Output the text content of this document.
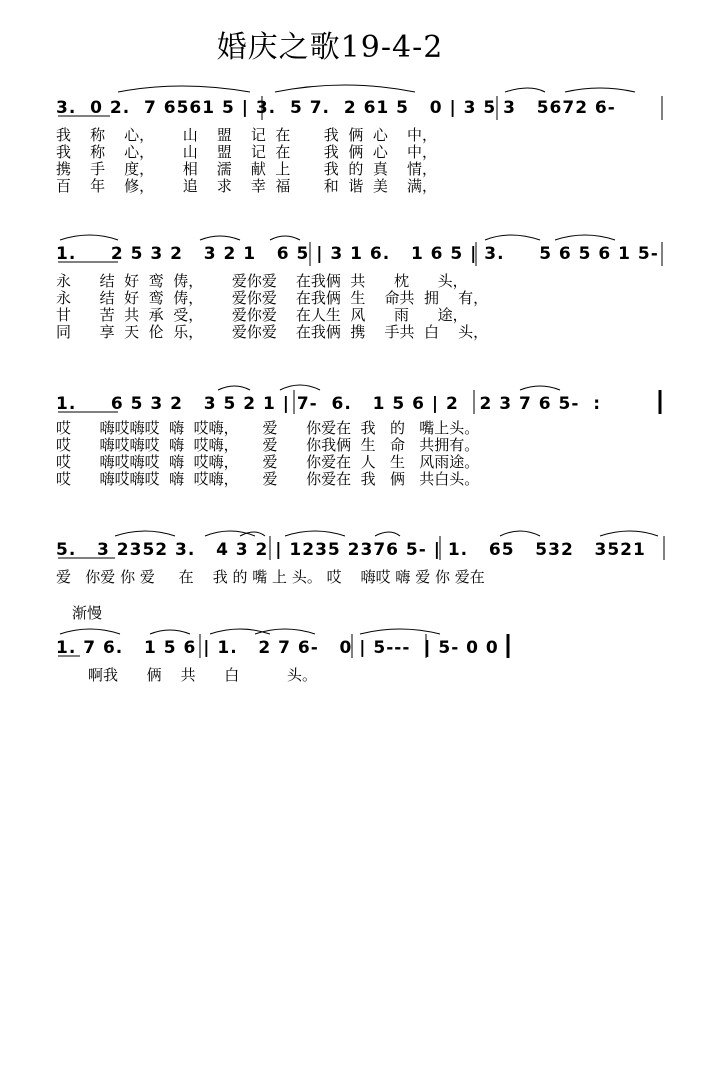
婚庆之歌19-4-2
3.  0 2.  7 6561 5 | 3.  5 7.  2 61 5   0 | 3 5 3   5672 6-
我    称    心，      山    盟    记  在       我  俩  心    中，
我    称    心，      山    盟    记  在       我  俩  心    中，
携    手    度，      相    濡    献  上       我  的  真    情，
百    年    修，      追    求    幸  福       和  谐  美    满，
1.     2 5 3 2   3 2 1   6 5 | 3 1 6.   1 6 5 | 3.     5 6 5 6 1 5-
永      结  好  鸾  俦，      爱你爱    在我俩  共      枕      头，
永      结  好  鸾  俦，      爱你爱    在我俩  生    命共  拥    有，
甘      苦  共  承  受，      爱你爱    在人生  风      雨      途，
同      享  天  伦  乐，      爱你爱    在我俩  携    手共  白    头，
1.     6 5 3 2   3 5 2 1 | 7-  6.   1 5 6 | 2   2 3 7 6 5-  :
哎      嗨哎嗨哎  嗨  哎嗨，     爱      你爱在  我   的   嘴上头。
哎      嗨哎嗨哎  嗨  哎嗨，     爱      你我俩  生   命   共拥有。
哎      嗨哎嗨哎  嗨  哎嗨，     爱      你爱在  人   生   风雨途。
哎      嗨哎嗨哎  嗨  哎嗨，     爱      你爱在  我   俩   共白头。
5.   3 2352 3.   4 3 2 | 1235 2376 5- | 1.   65   532   3521
爱   你爱 你 爱     在    我 的 嘴 上 头。 哎    嗨哎 嗨 爱 你 爱在
渐慢
1. 7 6.   1 5 6 | 1.   2 7 6-   0 | 5---  | 5- 0 0
啊我      俩    共      白          头。
